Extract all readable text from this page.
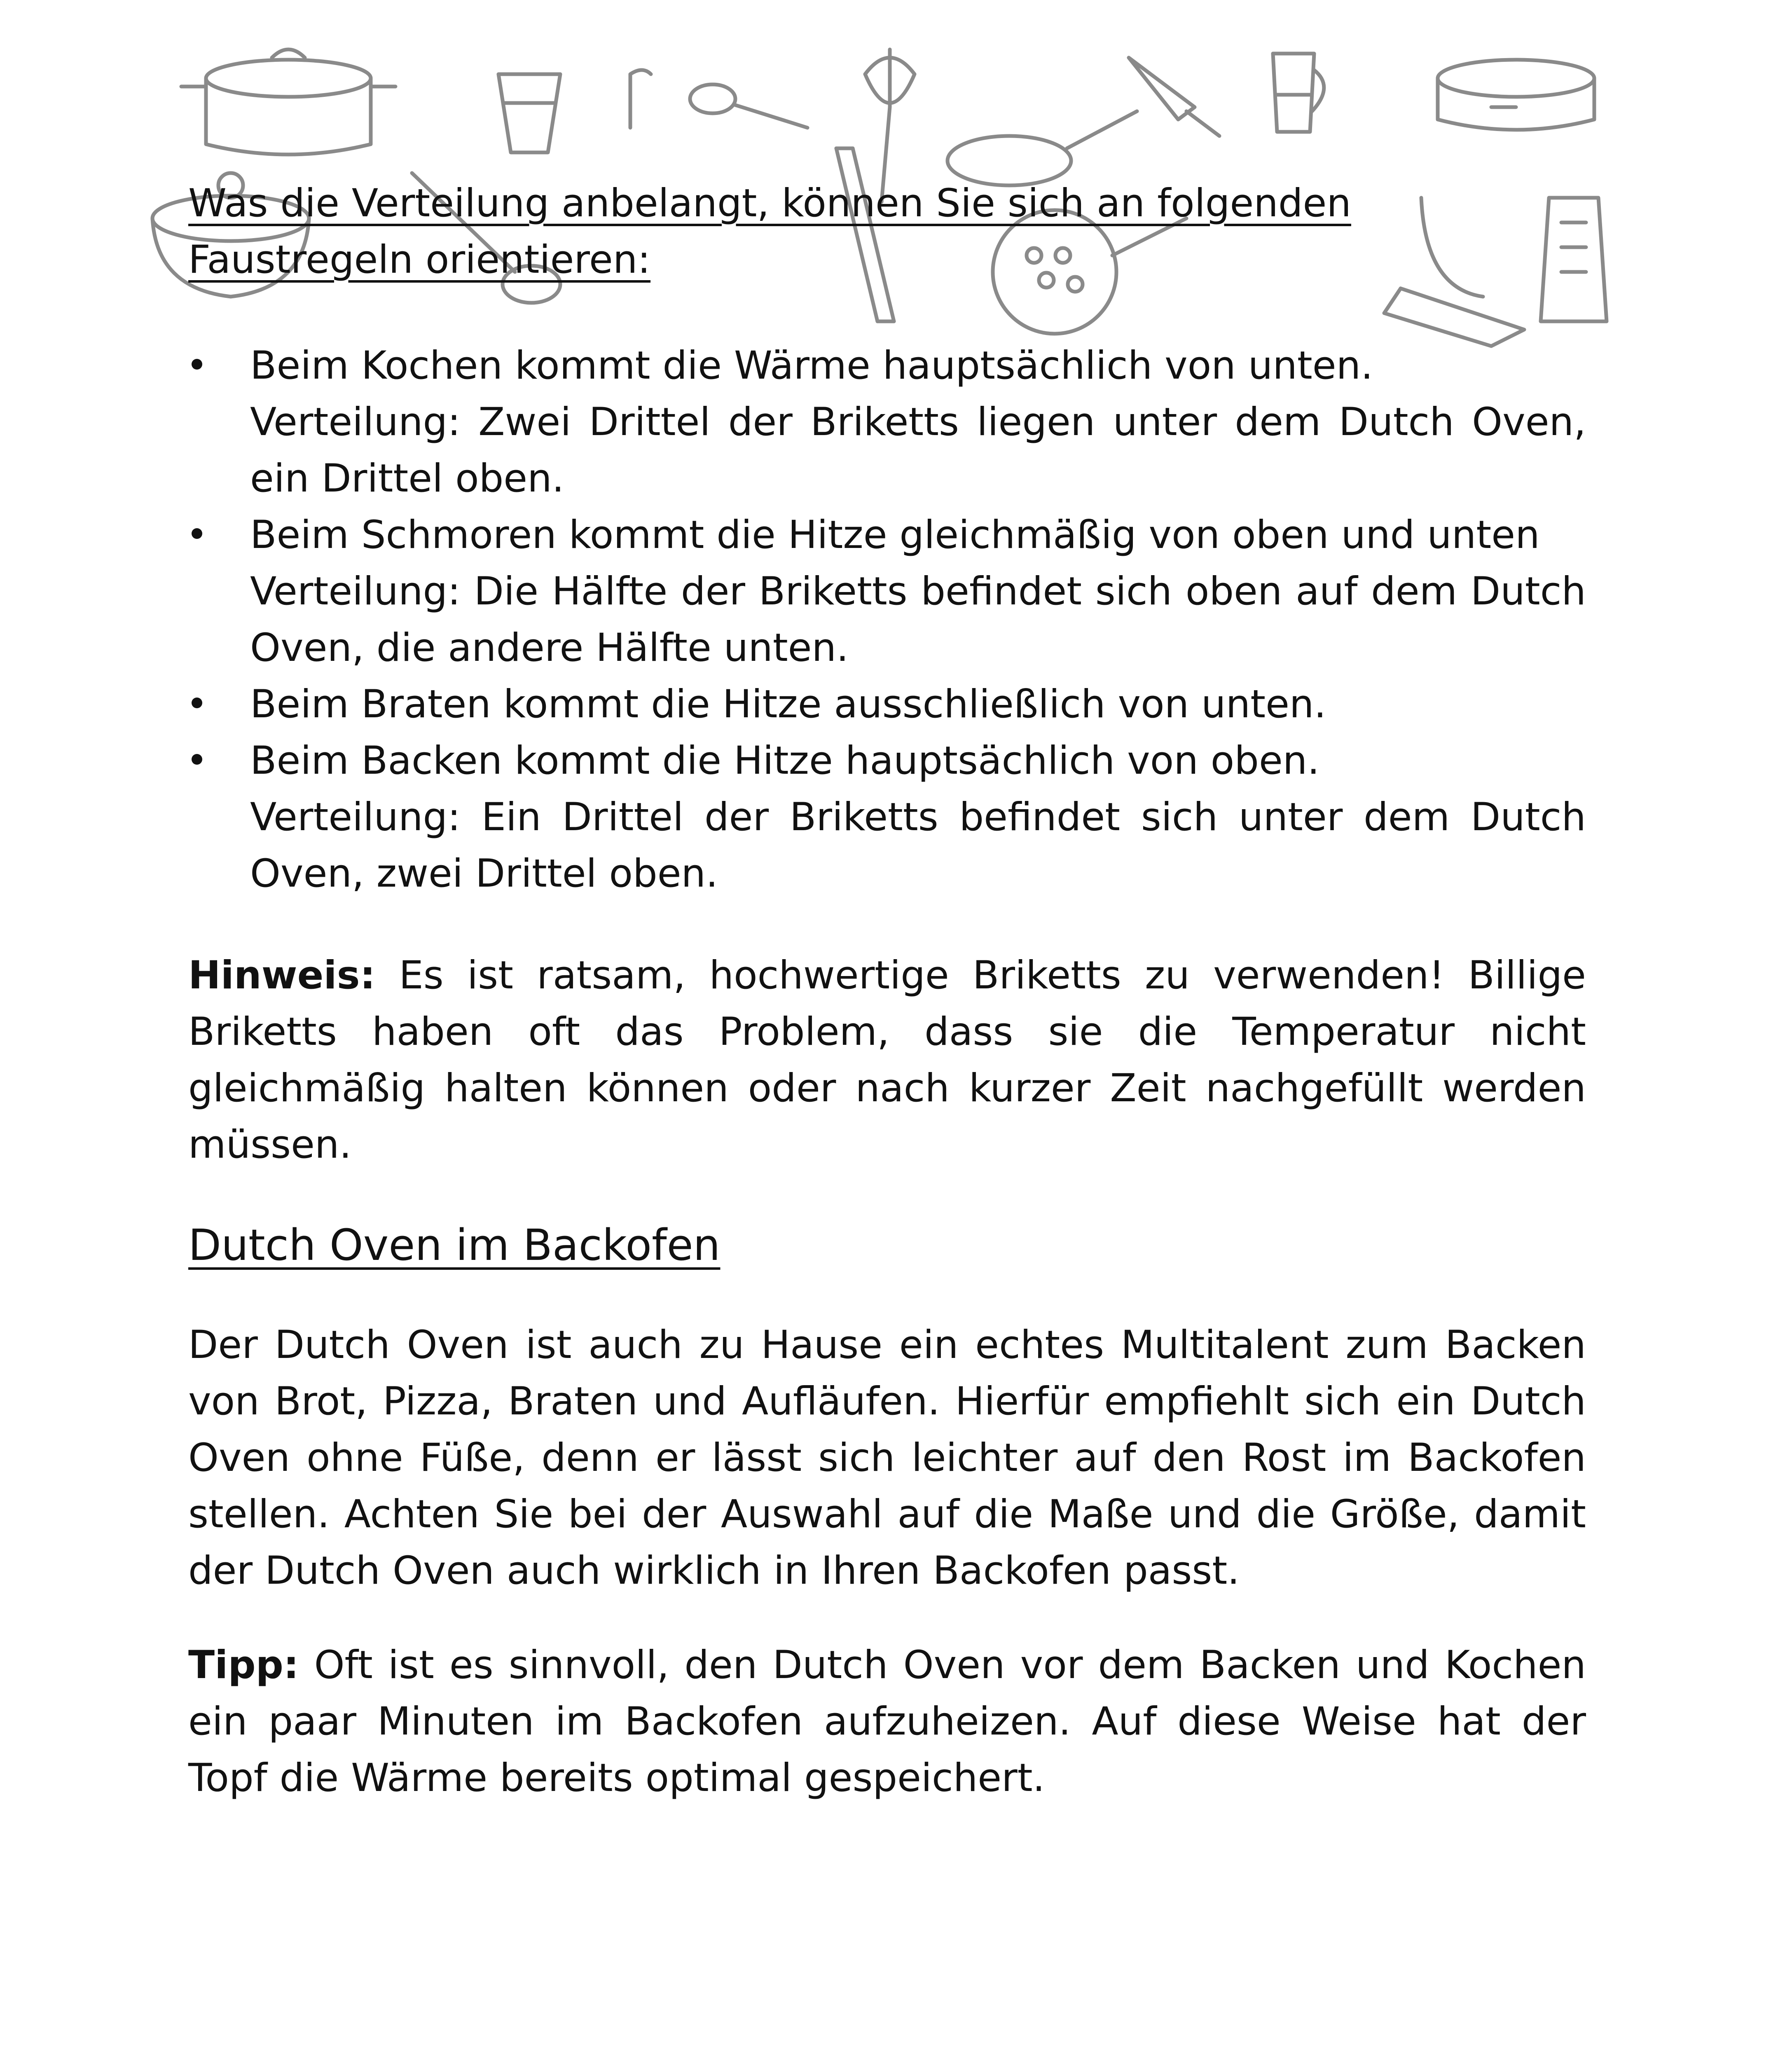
Was die Verteilung anbelangt, können Sie sich an folgenden Faustregeln orientieren:

Beim Kochen kommt die Wärme hauptsächlich von unten.
Verteilung: Zwei Drittel der Briketts liegen unter dem Dutch Oven, ein Drittel oben.
Beim Schmoren kommt die Hitze gleichmäßig von oben und unten
Verteilung: Die Hälfte der Briketts befindet sich oben auf dem Dutch Oven, die andere Hälfte unten.
Beim Braten kommt die Hitze ausschließlich von unten.
Beim Backen kommt die Hitze hauptsächlich von oben.
Verteilung: Ein Drittel der Briketts befindet sich unter dem Dutch Oven, zwei Drittel oben.

Hinweis: Es ist ratsam, hochwertige Briketts zu verwenden! Billige Briketts haben oft das Problem, dass sie die Temperatur nicht gleichmäßig halten können oder nach kurzer Zeit nachgefüllt werden müssen.

Dutch Oven im Backofen

Der Dutch Oven ist auch zu Hause ein echtes Multitalent zum Backen von Brot, Pizza, Braten und Aufläufen. Hierfür empfiehlt sich ein Dutch Oven ohne Füße, denn er lässt sich leichter auf den Rost im Backofen stellen. Achten Sie bei der Auswahl auf die Maße und die Größe, damit der Dutch Oven auch wirklich in Ihren Backofen passt.

Tipp: Oft ist es sinnvoll, den Dutch Oven vor dem Backen und Kochen ein paar Minuten im Backofen aufzuheizen. Auf diese Weise hat der Topf die Wärme bereits optimal gespeichert.
